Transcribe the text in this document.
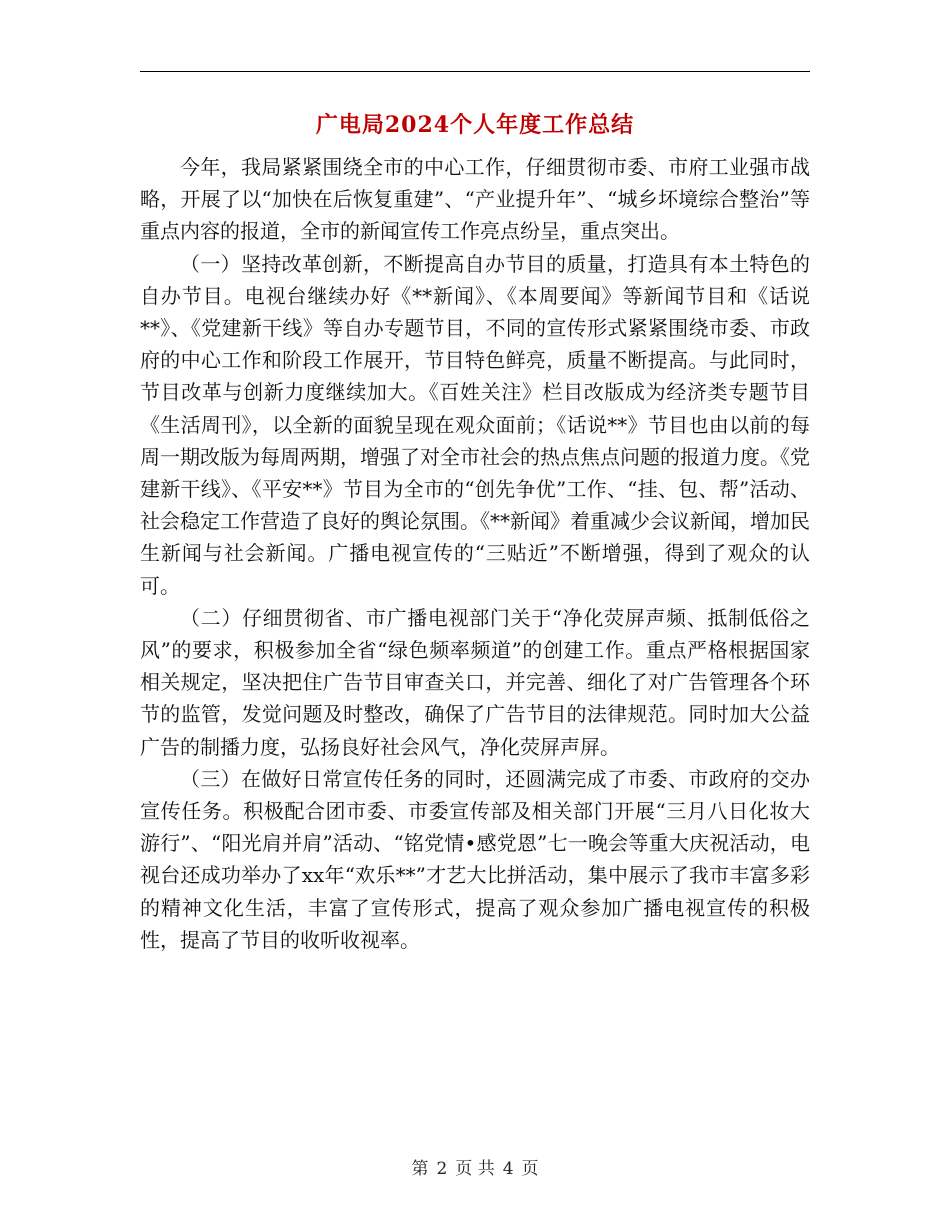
广电局2024个人年度工作总结

今年，我局紧紧围绕全市的中心工作，仔细贯彻市委、市府工业强市战略，开展了以“加快在后恢复重建”、“产业提升年”、“城乡坏境综合整治”等重点内容的报道，全市的新闻宣传工作亮点纷呈，重点突出。

（一）坚持改革创新，不断提高自办节目的质量，打造具有本土特色的自办节目。电视台继续办好《**新闻》、《本周要闻》等新闻节目和《话说**》、《党建新干线》等自办专题节目，不同的宣传形式紧紧围绕市委、市政府的中心工作和阶段工作展开，节目特色鲜亮，质量不断提高。与此同时，节目改革与创新力度继续加大。《百姓关注》栏目改版成为经济类专题节目《生活周刊》，以全新的面貌呈现在观众面前；《话说**》节目也由以前的每周一期改版为每周两期，增强了对全市社会的热点焦点问题的报道力度。《党建新干线》、《平安**》节目为全市的“创先争优”工作、“挂、包、帮”活动、社会稳定工作营造了良好的舆论氛围。《**新闻》着重减少会议新闻，增加民生新闻与社会新闻。广播电视宣传的“三贴近”不断增强，得到了观众的认可。

（二）仔细贯彻省、市广播电视部门关于“净化荧屏声频、抵制低俗之风”的要求，积极参加全省“绿色频率频道”的创建工作。重点严格根据国家相关规定，坚决把住广告节目审查关口，并完善、细化了对广告管理各个环节的监管，发觉问题及时整改，确保了广告节目的法律规范。同时加大公益广告的制播力度，弘扬良好社会风气，净化荧屏声屏。

（三）在做好日常宣传任务的同时，还圆满完成了市委、市政府的交办宣传任务。积极配合团市委、市委宣传部及相关部门开展“三月八日化妆大游行”、“阳光肩并肩”活动、“铭党情•感党恩”七一晚会等重大庆祝活动，电视台还成功举办了xx年“欢乐**”才艺大比拼活动，集中展示了我市丰富多彩的精神文化生活，丰富了宣传形式，提高了观众参加广播电视宣传的积极性，提高了节目的收听收视率。

第 2 页 共 4 页
